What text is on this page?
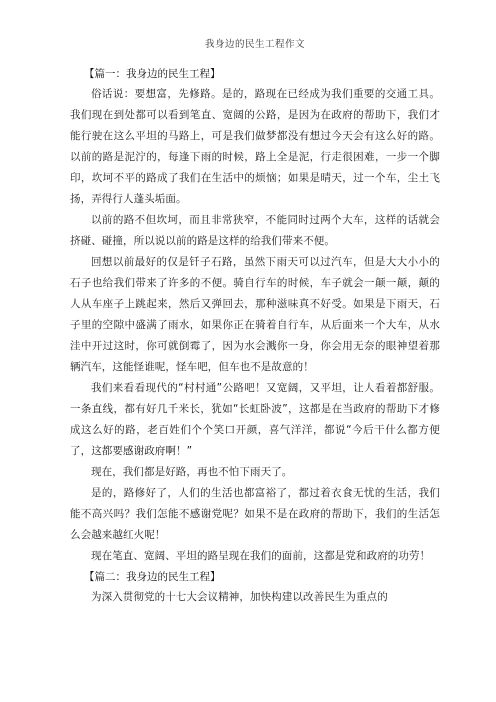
我身边的民生工程作文

【篇一：我身边的民生工程】

俗话说：要想富，先修路。是的，路现在已经成为我们重要的交通工具。我们现在到处都可以看到笔直、宽阔的公路，是因为在政府的帮助下，我们才能行驶在这么平坦的马路上，可是我们做梦都没有想过今天会有这么好的路。以前的路是泥泞的，每逢下雨的时候，路上全是泥，行走很困难，一步一个脚印，坎坷不平的路成了我们在生活中的烦恼；如果是晴天，过一个车，尘土飞扬，弄得行人蓬头垢面。

以前的路不但坎坷，而且非常狭窄，不能同时过两个大车，这样的话就会挤碰、碰撞，所以说以前的路是这样的给我们带来不便。

回想以前最好的仅是钎子石路，虽然下雨天可以过汽车，但是大大小小的石子也给我们带来了许多的不便。骑自行车的时候，车子就会一颠一颠，颠的人从车座子上跳起来，然后又弹回去，那种滋味真不好受。如果是下雨天，石子里的空隙中盛满了雨水，如果你正在骑着自行车，从后面来一个大车，从水洼中开过这时，你可就倒霉了，因为水会溅你一身，你会用无奈的眼神望着那辆汽车，这能怪谁呢，怪车吧，但车也不是故意的！

我们来看看现代的“村村通”公路吧！又宽阔，又平坦，让人看着都舒服。一条直线，都有好几千米长，犹如“长虹卧波”，这都是在当政府的帮助下才修成这么好的路，老百姓们个个笑口开颜，喜气洋洋，都说“今后干什么都方便了，这都要感谢政府啊！”

现在，我们都是好路，再也不怕下雨天了。

是的，路修好了，人们的生活也都富裕了，都过着衣食无忧的生活，我们能不高兴吗？我们怎能不感谢党呢？如果不是在政府的帮助下，我们的生活怎么会越来越红火呢！

现在笔直、宽阔、平坦的路呈现在我们的面前，这都是党和政府的功劳！

【篇二：我身边的民生工程】

为深入贯彻党的十七大会议精神，加快构建以改善民生为重点的
